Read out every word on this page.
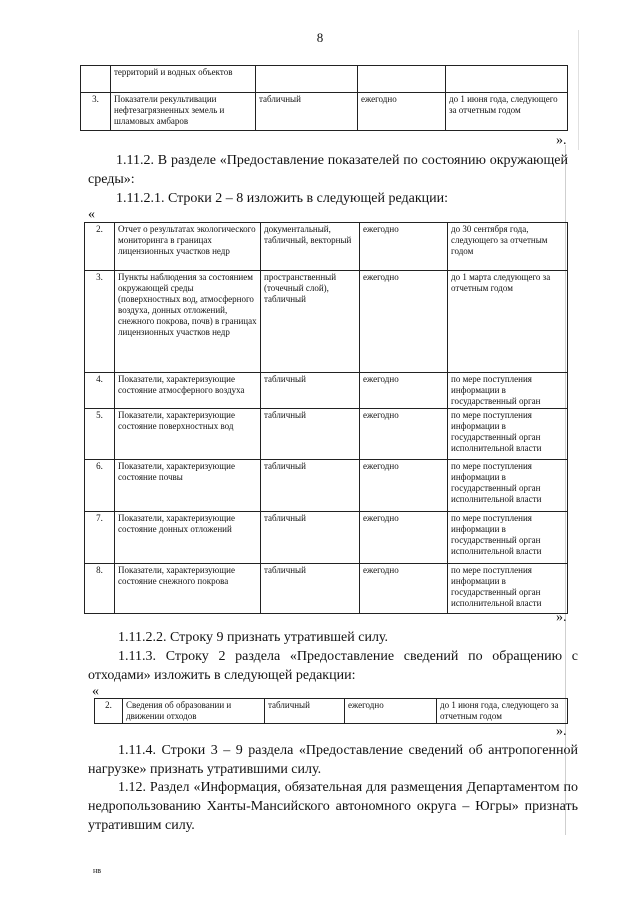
8
	территорий и водных объектов			
3.	Показатели рекультивации нефтезагрязненных земель и шламовых амбаров	табличный	ежегодно	до 1 июня года, следующего за отчетным годом
».
1.11.2. В разделе «Предоставление показателей по состоянию окружающей среды»:
1.11.2.1. Строки 2 – 8 изложить в следующей редакции:
«
2.	Отчет о результатах экологического мониторинга в границах лицензионных участков недр	документальный, табличный, векторный	ежегодно	до 30 сентября года, следующего за отчетным годом
3.	Пункты наблюдения за состоянием окружающей среды (поверхностных вод, атмосферного воздуха, донных отложений, снежного покрова, почв) в границах лицензионных участков недр	пространственный (точечный слой), табличный	ежегодно	до 1 марта следующего за отчетным годом
4.	Показатели, характеризующие состояние атмосферного воздуха	табличный	ежегодно	по мере поступления информации в государственный орган
5.	Показатели, характеризующие состояние поверхностных вод	табличный	ежегодно	по мере поступления информации в государственный орган исполнительной власти
6.	Показатели, характеризующие состояние почвы	табличный	ежегодно	по мере поступления информации в государственный орган исполнительной власти
7.	Показатели, характеризующие состояние донных отложений	табличный	ежегодно	по мере поступления информации в государственный орган исполнительной власти
8.	Показатели, характеризующие состояние снежного покрова	табличный	ежегодно	по мере поступления информации в государственный орган исполнительной власти
».
1.11.2.2. Строку 9 признать утратившей силу.
1.11.3. Строку 2 раздела «Предоставление сведений по обращению с отходами» изложить в следующей редакции:
«
2.	Сведения об образовании и движении отходов	табличный	ежегодно	до 1 июня года, следующего за отчетным годом
».
1.11.4. Строки 3 – 9 раздела «Предоставление сведений об антропогенной нагрузке» признать утратившими силу.
1.12. Раздел «Информация, обязательная для размещения Департаментом по недропользованию Ханты-Мансийского автономного округа – Югры» признать утратившим силу.
нв
